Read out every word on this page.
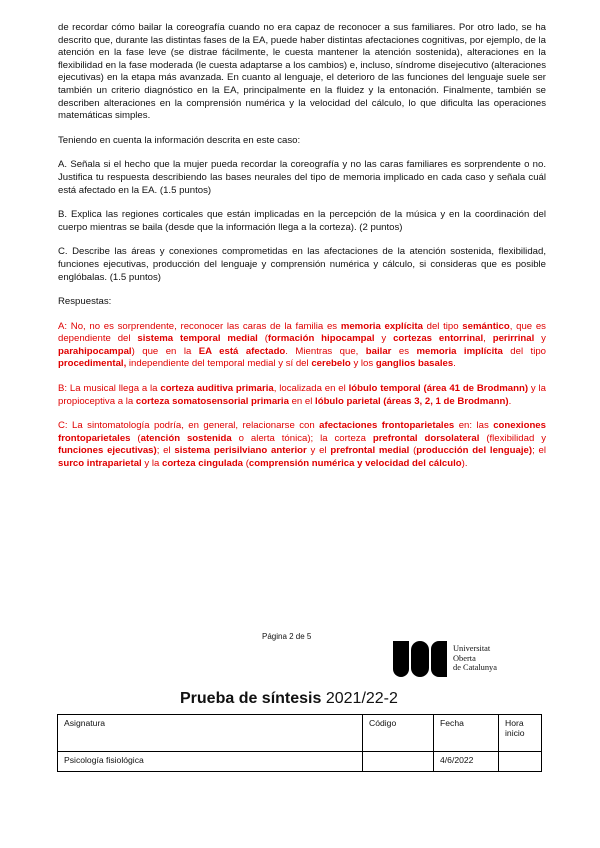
de recordar cómo bailar la coreografía cuando no era capaz de reconocer a sus familiares. Por otro lado, se ha descrito que, durante las distintas fases de la EA, puede haber distintas afectaciones cognitivas, por ejemplo, de la atención en la fase leve (se distrae fácilmente, le cuesta mantener la atención sostenida), alteraciones en la flexibilidad en la fase moderada (le cuesta adaptarse a los cambios) e, incluso, síndrome disejecutivo (alteraciones ejecutivas) en la etapa más avanzada. En cuanto al lenguaje, el deterioro de las funciones del lenguaje suele ser también un criterio diagnóstico en la EA, principalmente en la fluidez y la entonación. Finalmente, también se describen alteraciones en la comprensión numérica y la velocidad del cálculo, lo que dificulta las operaciones matemáticas simples.

Teniendo en cuenta la información descrita en este caso:

A. Señala si el hecho que la mujer pueda recordar la coreografía y no las caras familiares es sorprendente o no. Justifica tu respuesta describiendo las bases neurales del tipo de memoria implicado en cada caso y señala cuál está afectado en la EA. (1.5 puntos)

B. Explica las regiones corticales que están implicadas en la percepción de la música y en la coordinación del cuerpo mientras se baila (desde que la información llega a la corteza). (2 puntos)

C. Describe las áreas y conexiones comprometidas en las afectaciones de la atención sostenida, flexibilidad, funciones ejecutivas, producción del lenguaje y comprensión numérica y cálculo, si consideras que es posible englóbalas. (1.5 puntos)

Respuestas:

A: No, no es sorprendente, reconocer las caras de la familia es memoria explícita del tipo semántico, que es dependiente del sistema temporal medial (formación hipocampal y cortezas entorrinal, perirrinal y parahipocampal) que en la EA está afectado. Mientras que, bailar es memoria implícita del tipo procedimental, independiente del temporal medial y sí del cerebelo y los ganglios basales.

B: La musical llega a la corteza auditiva primaria, localizada en el lóbulo temporal (área 41 de Brodmann) y la propioceptiva a la corteza somatosensorial primaria en el lóbulo parietal (áreas 3, 2, 1 de Brodmann).

C: La sintomatología podría, en general, relacionarse con afectaciones frontoparietales en: las conexiones frontoparietales (atención sostenida o alerta tónica); la corteza prefrontal dorsolateral (flexibilidad y funciones ejecutivas); el sistema perisilviano anterior y el prefrontal medial (producción del lenguaje); el surco intraparietal y la corteza cingulada (comprensión numérica y velocidad del cálculo).

Página 2 de 5
Universitat
Oberta
de Catalunya
Prueba de síntesis 2021/22-2
Asignatura	Código	Fecha	Hora inicio
Psicología fisiológica		4/6/2022	
